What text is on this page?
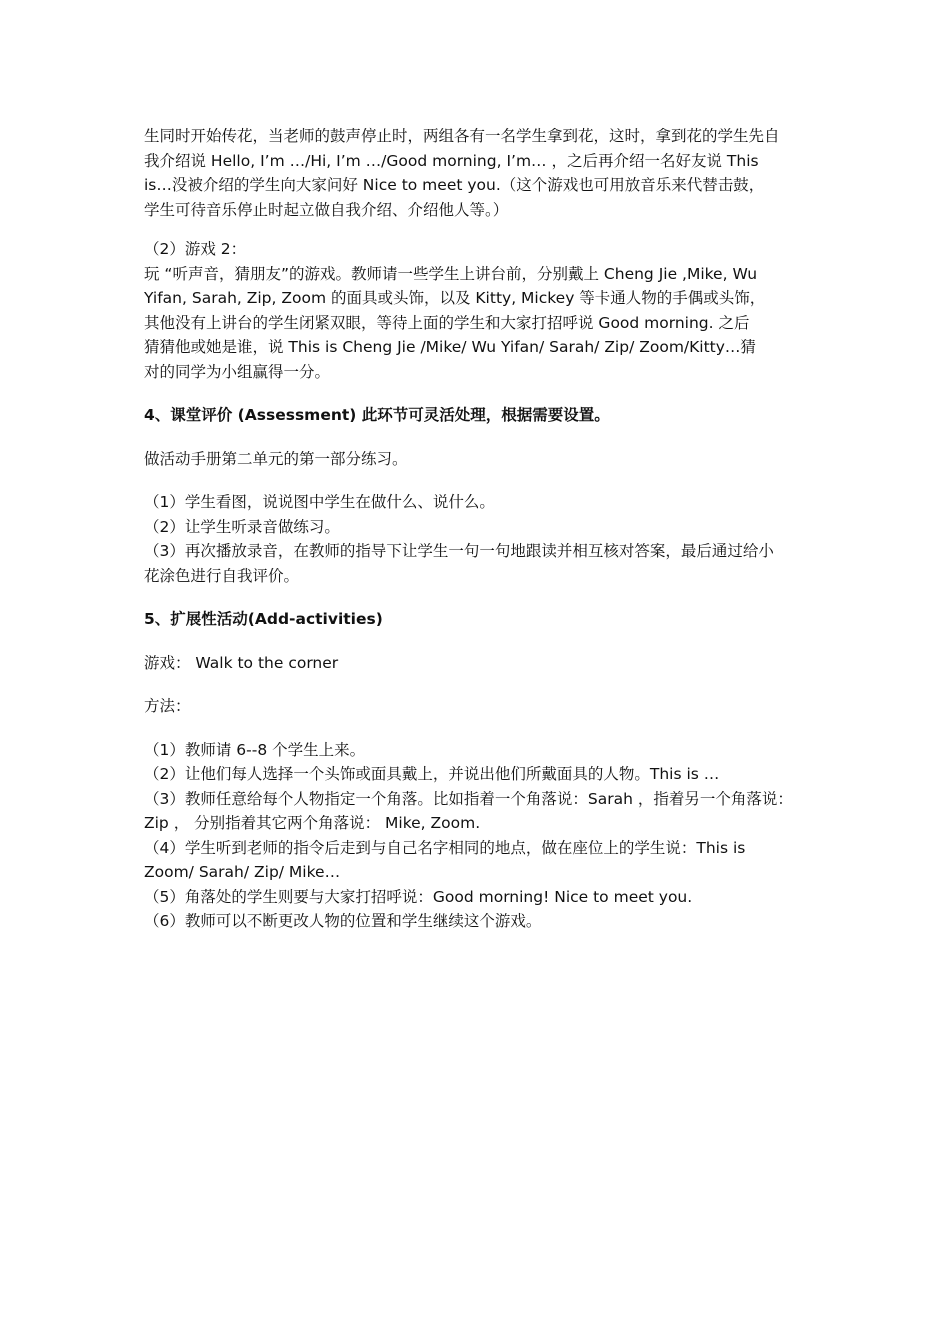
生同时开始传花，当老师的鼓声停止时，两组各有一名学生拿到花，这时，拿到花的学生先自
我介绍说 Hello, I’m …/Hi, I’m …/Good morning, I’m… ，之后再介绍一名好友说 This
is…没被介绍的学生向大家问好 Nice to meet you.（这个游戏也可用放音乐来代替击鼓，
学生可待音乐停止时起立做自我介绍、介绍他人等。）
（2）游戏 2：
玩 “听声音，猜朋友”的游戏。教师请一些学生上讲台前，分别戴上 Cheng Jie ,Mike, Wu
Yifan, Sarah, Zip, Zoom 的面具或头饰，以及 Kitty, Mickey 等卡通人物的手偶或头饰，
其他没有上讲台的学生闭紧双眼，等待上面的学生和大家打招呼说 Good morning. 之后
猜猜他或她是谁，说 This is Cheng Jie /Mike/ Wu Yifan/ Sarah/ Zip/ Zoom/Kitty…猜
对的同学为小组赢得一分。
4、课堂评价 (Assessment) 此环节可灵活处理，根据需要设置。
做活动手册第二单元的第一部分练习。
（1）学生看图，说说图中学生在做什么、说什么。
（2）让学生听录音做练习。
（3）再次播放录音，在教师的指导下让学生一句一句地跟读并相互核对答案，最后通过给小
花涂色进行自我评价。
5、扩展性活动(Add-activities)
游戏： Walk to the corner
方法：
（1）教师请 6--8 个学生上来。
（2）让他们每人选择一个头饰或面具戴上，并说出他们所戴面具的人物。This is …
（3）教师任意给每个人物指定一个角落。比如指着一个角落说：Sarah ，指着另一个角落说：
Zip ， 分别指着其它两个角落说： Mike, Zoom.
（4）学生听到老师的指令后走到与自己名字相同的地点，做在座位上的学生说：This is
Zoom/ Sarah/ Zip/ Mike…
（5）角落处的学生则要与大家打招呼说：Good morning! Nice to meet you.
（6）教师可以不断更改人物的位置和学生继续这个游戏。
